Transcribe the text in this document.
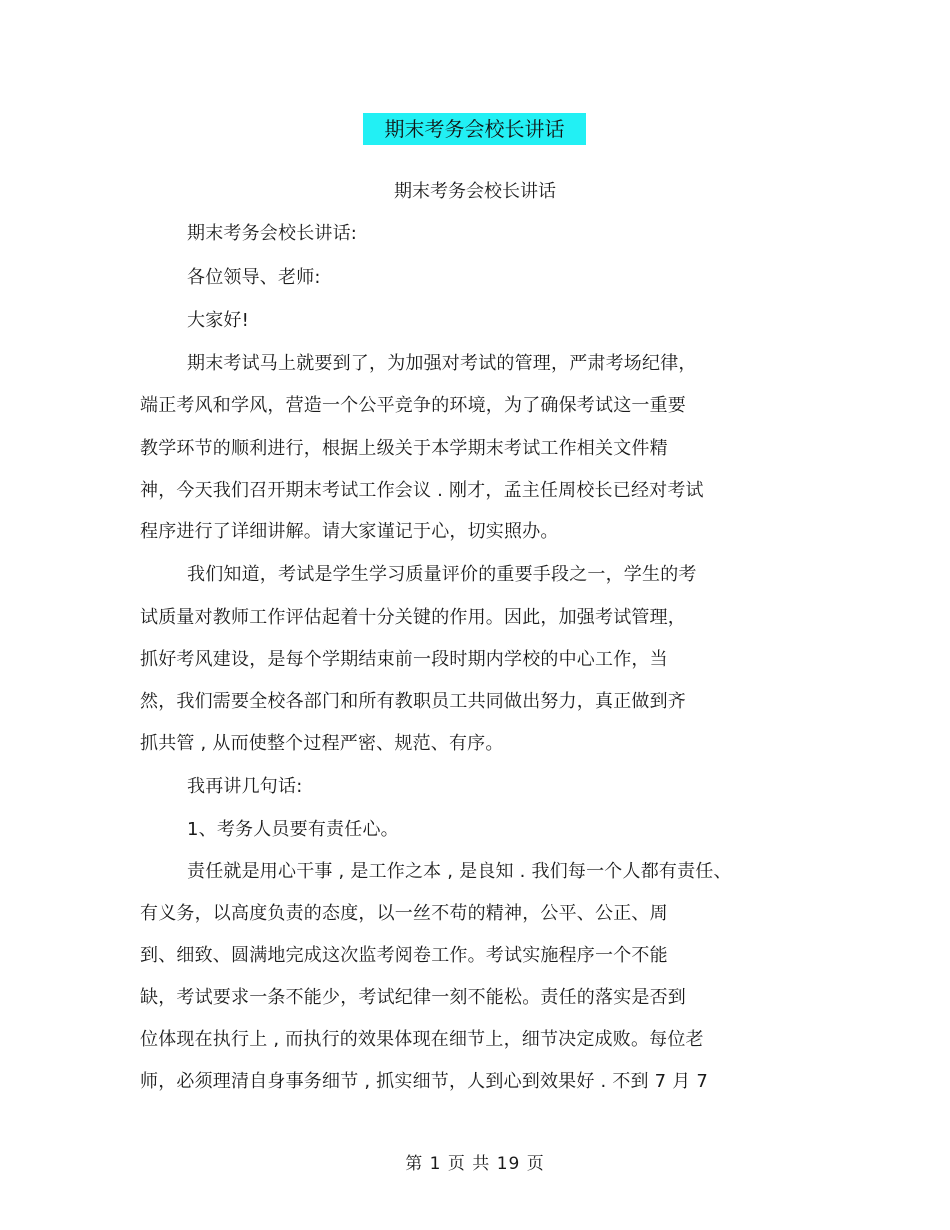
期末考务会校长讲话
期末考务会校长讲话
期末考务会校长讲话:
各位领导、老师:
大家好!
期末考试马上就要到了，为加强对考试的管理，严肃考场纪律，
端正考风和学风，营造一个公平竞争的环境，为了确保考试这一重要
教学环节的顺利进行，根据上级关于本学期末考试工作相关文件精
神，今天我们召开期末考试工作会议 . 刚才，孟主任周校长已经对考试
程序进行了详细讲解。请大家谨记于心，切实照办。
我们知道，考试是学生学习质量评价的重要手段之一，学生的考
试质量对教师工作评估起着十分关键的作用。因此，加强考试管理，
抓好考风建设，是每个学期结束前一段时期内学校的中心工作，当
然，我们需要全校各部门和所有教职员工共同做出努力，真正做到齐
抓共管 , 从而使整个过程严密、规范、有序。
我再讲几句话:
1、考务人员要有责任心。
责任就是用心干事 , 是工作之本 , 是良知 . 我们每一个人都有责任、
有义务，以高度负责的态度，以一丝不苟的精神，公平、公正、周
到、细致、圆满地完成这次监考阅卷工作。考试实施程序一个不能
缺，考试要求一条不能少，考试纪律一刻不能松。责任的落实是否到
位体现在执行上 , 而执行的效果体现在细节上，细节决定成败。每位老
师，必须理清自身事务细节 , 抓实细节，人到心到效果好 . 不到 7 月 7
第 1 页 共 19 页
